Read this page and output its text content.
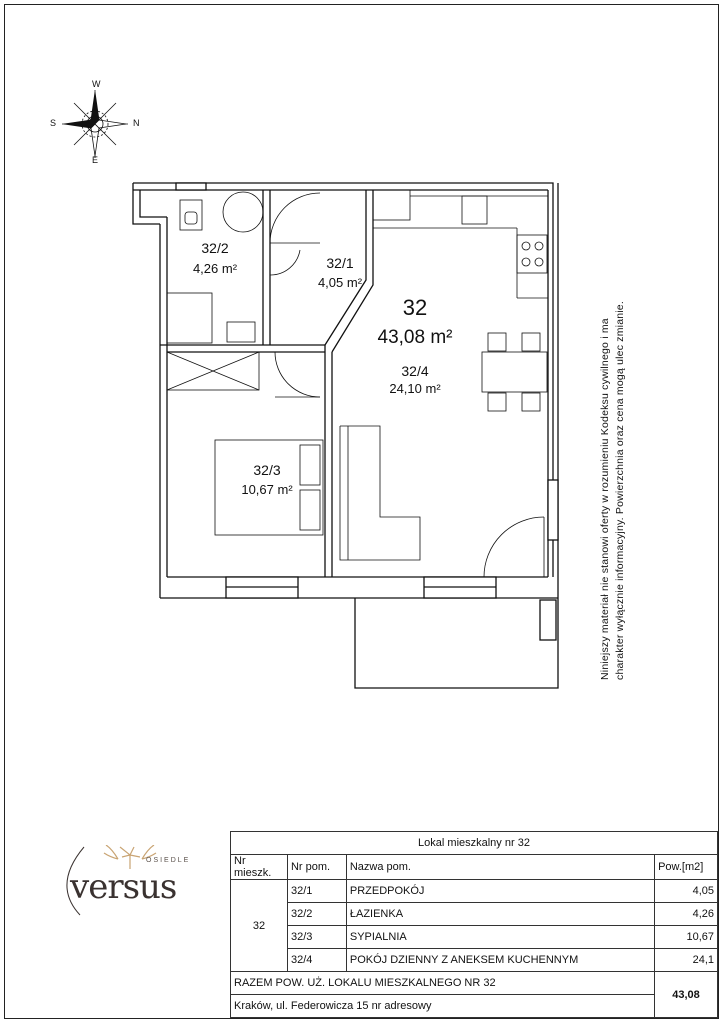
W
S	N
E
32/2
4,26 m²	32/1
4,05 m²
32
43,08 m²
32/4
24,10 m²
32/3
10,67 m²	Niniejszy materiał nie stanowi oferty w rozumieniu Kodeksu cywilnego i ma charakter wyłącznie informacyjny. Powierzchnia oraz cena mogą ulec zmianie.
OSIEDLE
versus
Lokal mieszkalny nr 32			
Nr mieszk.	Nr pom.	Nazwa pom.	Pow.[m2]
32	32/1	PRZEDPOKÓJ	4,05
	32/2	ŁAZIENKA	4,26
	32/3	SYPIALNIA	10,67
	32/4	POKÓJ DZIENNY Z ANEKSEM KUCHENNYM	24,1
RAZEM POW. UŻ. LOKALU MIESZKALNEGO NR 32			43,08
Kraków, ul. Federowicza 15 nr adresowy			
